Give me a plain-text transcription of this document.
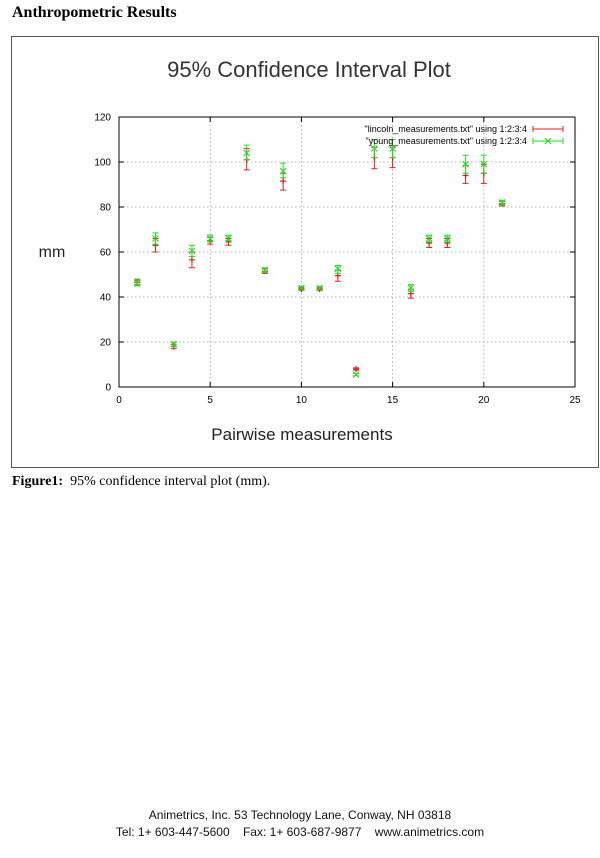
Anthropometric Results
95% Confidence Interval Plot
mm
Pairwise measurements
0	5	10	15	20	25
0
20
40
60
80
100
120
"lincoln_measurements.txt" using 1:2:3:4
"young_measurements.txt" using 1:2:3:4
Figure1:  95% confidence interval plot (mm).
Animetrics, Inc. 53 Technology Lane, Conway, NH 03818
Tel: 1+ 603-447-5600    Fax: 1+ 603-687-9877    www.animetrics.com
